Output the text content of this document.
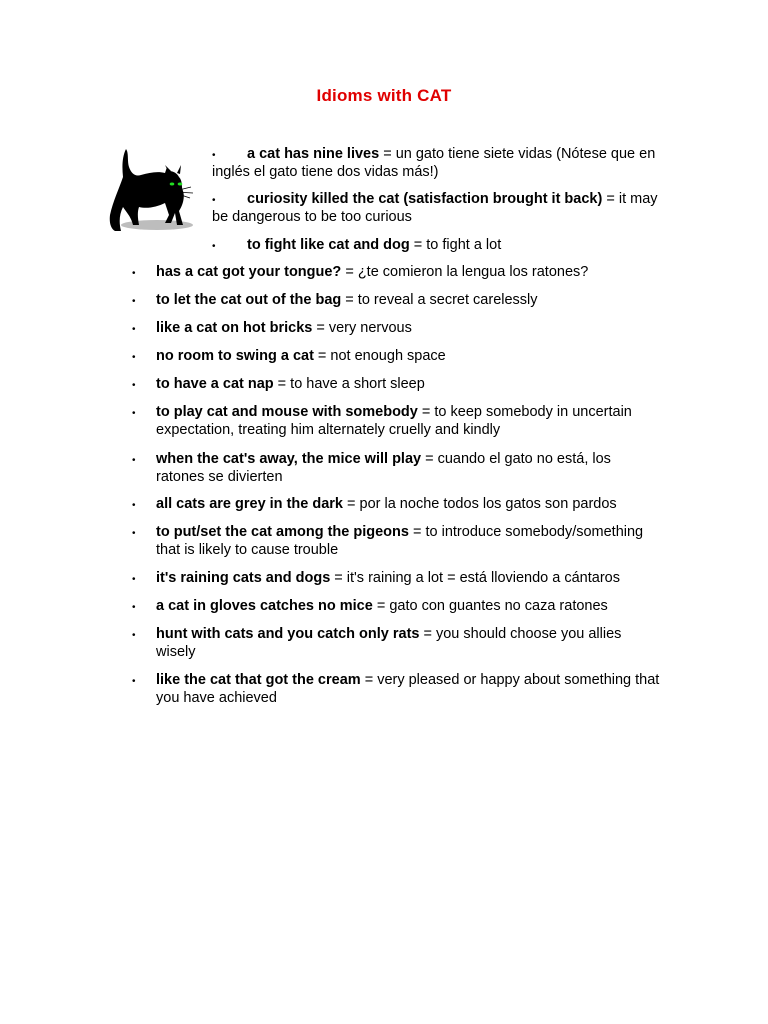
Idioms with CAT
•	a cat has nine lives = un gato tiene siete vidas (Nótese que en inglés el gato tiene dos vidas más!)

•	curiosity killed the cat (satisfaction brought it back) = it may be dangerous to be too curious

•	to fight like cat and dog = to fight a lot

• has a cat got your tongue? = ¿te comieron la lengua los ratones?

• to let the cat out of the bag = to reveal a secret carelessly

• like a cat on hot bricks = very nervous

• no room to swing a cat = not enough space

• to have a cat nap = to have a short sleep

• to play cat and mouse with somebody = to keep somebody in uncertain expectation, treating him alternately cruelly and kindly

• when the cat's away, the mice will play = cuando el gato no está, los ratones se divierten

• all cats are grey in the dark = por la noche todos los gatos son pardos

• to put/set the cat among the pigeons = to introduce somebody/something that is likely to cause trouble

• it's raining cats and dogs = it's raining a lot = está lloviendo a cántaros

• a cat in gloves catches no mice = gato con guantes no caza ratones

• hunt with cats and you catch only rats = you should choose you allies wisely

• like the cat that got the cream = very pleased or happy about something that you have achieved
